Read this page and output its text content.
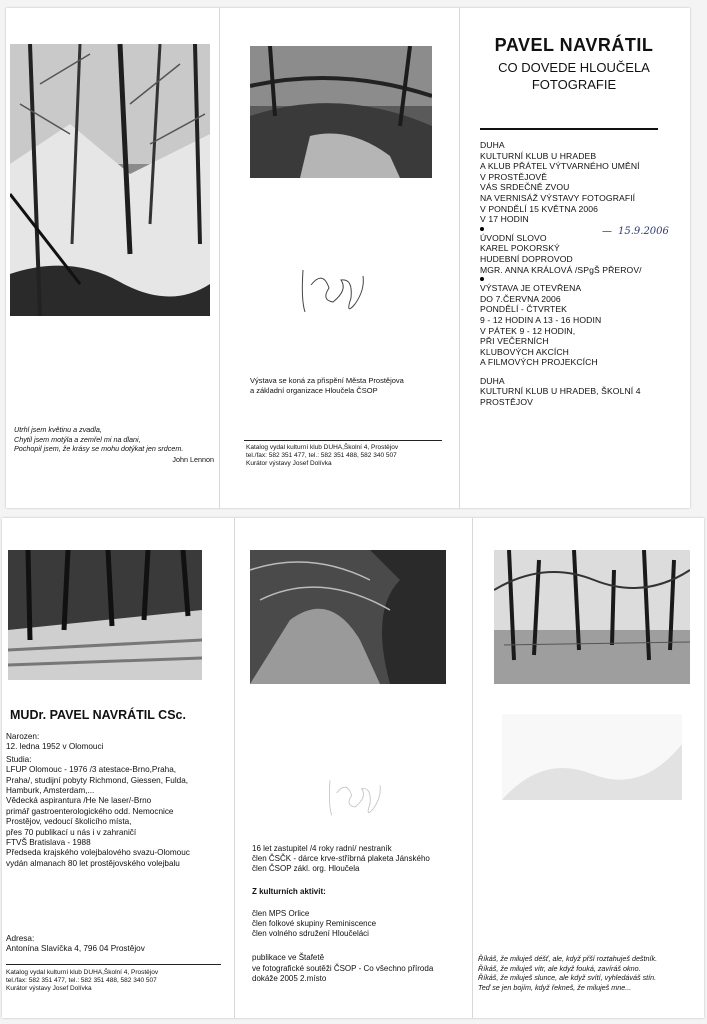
Utrhl jsem květinu a zvadla,
Chytil jsem motýla a zemřel mi na dlani,
Pochopil jsem, že krásy se mohu dotýkat jen srdcem.
John Lennon
Výstava se koná za přispění Města Prostějova
a základní organizace Hloučela ČSOP
Katalog vydal kulturní klub DUHA,Školní 4, Prostějov
tel./fax: 582 351 477, tel.: 582 351 488, 582 340 507
Kurátor výstavy Josef Dolívka
PAVEL NAVRÁTIL
CO DOVEDE HLOUČELA
FOTOGRAFIE
DUHA
KULTURNÍ KLUB U HRADEB
A KLUB PŘÁTEL VÝTVARNÉHO UMĚNÍ
V PROSTĚJOVĚ
VÁS SRDEČNĚ ZVOU
NA VERNISÁŽ VÝSTAVY FOTOGRAFIÍ
V PONDĚLÍ 15 KVĚTNA 2006
V 17 HODIN
ÚVODNÍ SLOVO
KAREL POKORSKÝ
HUDEBNÍ DOPROVOD
MGR. ANNA KRÁLOVÁ /SPgŠ PŘEROV/
VÝSTAVA JE OTEVŘENA
DO 7.ČERVNA 2006
PONDĚLÍ - ČTVRTEK
9 - 12 HODIN A 13 - 16 HODIN
V PÁTEK 9 - 12 HODIN,
PŘI VEČERNÍCH
KLUBOVÝCH AKCÍCH
A FILMOVÝCH PROJEKCÍCH
DUHA
KULTURNÍ KLUB U HRADEB, ŠKOLNÍ 4
PROSTĚJOV
— 15.9.2006
MUDr. PAVEL NAVRÁTIL CSc.
Narozen:
12. ledna 1952 v Olomouci
Studia:
LFUP Olomouc - 1976 /3 atestace-Brno,Praha,
Praha/, studijní pobyty Richmond, Giessen, Fulda,
Hamburk, Amsterdam,...
Vědecká aspirantura /He Ne laser/-Brno
primář gastroenterologického odd. Nemocnice
Prostějov, vedoucí školicího místa,
přes 70 publikací u nás i v zahraničí
FTVŠ Bratislava - 1988
Předseda krajského volejbalového svazu-Olomouc
vydán almanach 80 let prostějovského volejbalu
Adresa:
Antonína Slavíčka 4, 796 04 Prostějov
Katalog vydal kulturní klub DUHA,Školní 4, Prostějov
tel./fax: 582 351 477, tel.: 582 351 488, 582 340 507
Kurátor výstavy Josef Dolívka
16 let zastupitel /4 roky radní/ nestraník
člen ČSČK - dárce krve-stříbrná plaketa Jánského
člen ČSOP zákl. org. Hloučela
Z kulturních aktivit:
člen MPS Orlice
člen folkové skupiny Reminiscence
člen volného sdružení Hloučeláci
publikace ve Štafetě
ve fotografické soutěži ČSOP - Co všechno příroda
dokáže 2005 2.místo
Říkáš, že miluješ déšť, ale, když přší roztahuješ deštník.
Říkáš, že miluješ vítr, ale když fouká, zavíráš okno.
Říkáš, že miluješ slunce, ale když svítí, vyhledáváš stín.
Teď se jen bojím, když řekneš, že miluješ mne...
